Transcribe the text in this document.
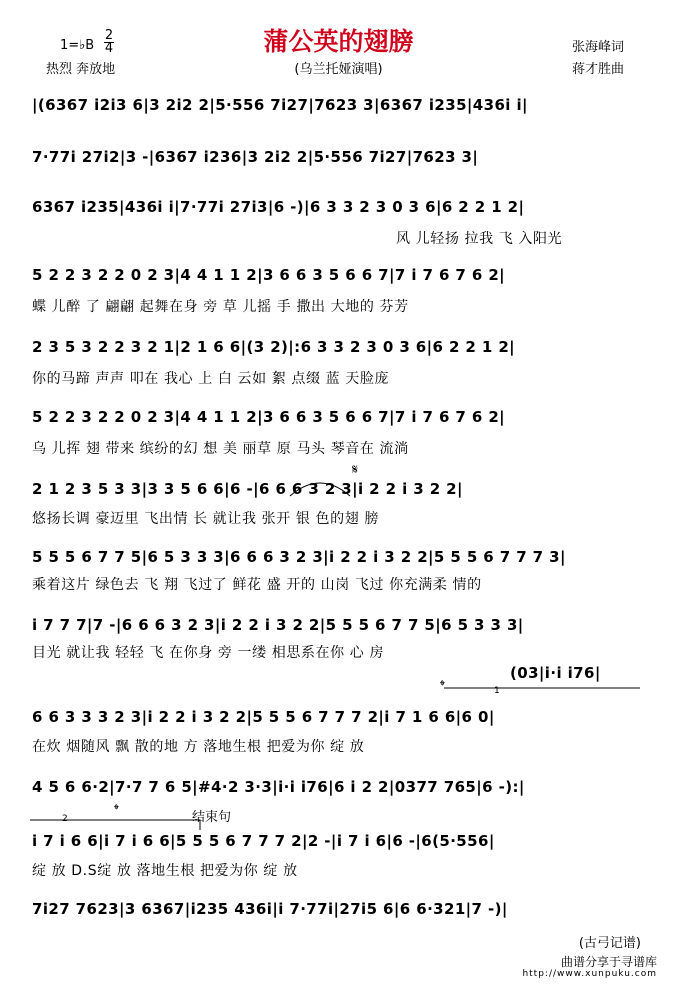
蒲公英的翅膀
(乌兰托娅演唱)
1=♭B
2
4
热烈 奔放地
张海峰词
蒋才胜曲
|(6367 i2i3 6|3 2i2 2|5·556 7i27|7623 3|6367 i235|436i i|
7·77i 27i2|3 -|6367 i236|3 2i2 2|5·556 7i27|7623 3|
6367 i235|436i i|7·77i 27i3|6 -)|6 3 3 2 3 0 3 6|6 2 2 1 2|
风 儿轻扬 拉我 飞 入阳光
5 2 2 3 2 2 0 2 3|4 4 1 1 2|3 6 6 3 5 6 6 7|7 i 7 6 7 6 2|
蝶 儿醉 了 翩翩 起舞在身 旁 草 儿摇 手 撒出 大地的 芬芳
2 3 5 3 2 2 3 2 1|2 1 6 6|(3 2)|:6 3 3 2 3 0 3 6|6 2 2 1 2|
你的马蹄 声声 叩在 我心 上 白 云如 絮 点缀 蓝 天脸庞
5 2 2 3 2 2 0 2 3|4 4 1 1 2|3 6 6 3 5 6 6 7|7 i 7 6 7 6 2|
乌 儿挥 翅 带来 缤纷的幻 想 美 丽草 原 马头 琴音在 流淌
2 1 2 3 5 3 3|3 3 5 6 6|6 -|6 6 6 3 2 3|i 2 2 i 3 2 2|
悠扬长调 豪迈里 飞出情 长 就让我 张开 银 色的翅 膀
5 5 5 6 7 7 5|6 5 3 3 3|6 6 6 3 2 3|i 2 2 i 3 2 2|5 5 5 6 7 7 7 3|
乘着这片 绿色去 飞 翔 飞过了 鲜花 盛 开的 山岗 飞过 你充满柔 情的
i 7 7 7|7 -|6 6 6 3 2 3|i 2 2 i 3 2 2|5 5 5 6 7 7 5|6 5 3 3 3|
目光 就让我 轻轻 飞 在你身 旁 一缕 相思系在你 心 房
(03|i·i i76|
6 6 3 3 3 2 3|i 2 2 i 3 2 2|5 5 5 6 7 7 7 2|i 7 1 6 6|6 0|
在炊 烟随风 飘 散的地 方 落地生根 把爱为你 绽 放
4 5 6 6·2|7·7 7 6 5|#4·2 3·3|i·i i76|6 i 2 2|0377 765|6 -):|
结束句
i 7 i 6 6|i 7 i 6 6|5 5 5 6 7 7 7 2|2 -|i 7 i 6|6 -|6(5·556|
绽 放 D.S绽 放 落地生根 把爱为你 绽 放
7i27 7623|3 6367|i235 436i|i 7·77i|27i5 6|6 6·321|7 -)|
𝄋
𝄌
𝄌
1
2
(古弓记谱)
曲谱分享于寻谱库
http://www.xunpuku.com
